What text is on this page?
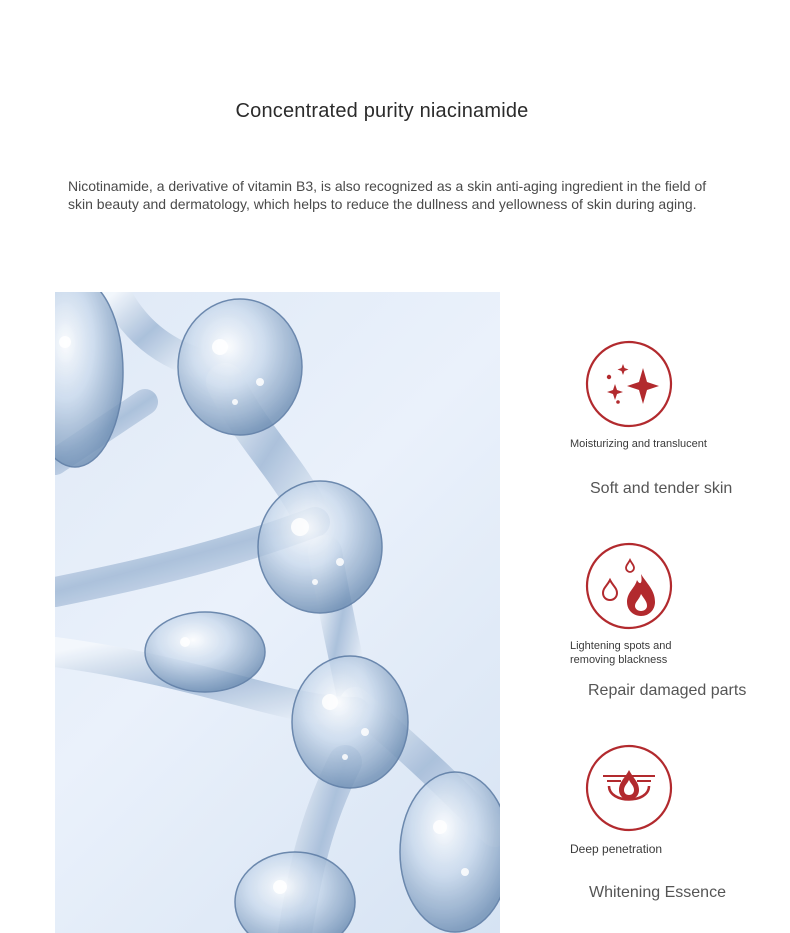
Concentrated purity niacinamide
Nicotinamide, a derivative of vitamin B3, is also recognized as a skin anti-aging ingredient in the field of skin beauty and dermatology, which helps to reduce the dullness and yellowness of skin during aging.
Moisturizing and translucent
Soft and tender skin
Lightening spots and removing blackness
Repair damaged parts
Deep penetration
Whitening Essence
